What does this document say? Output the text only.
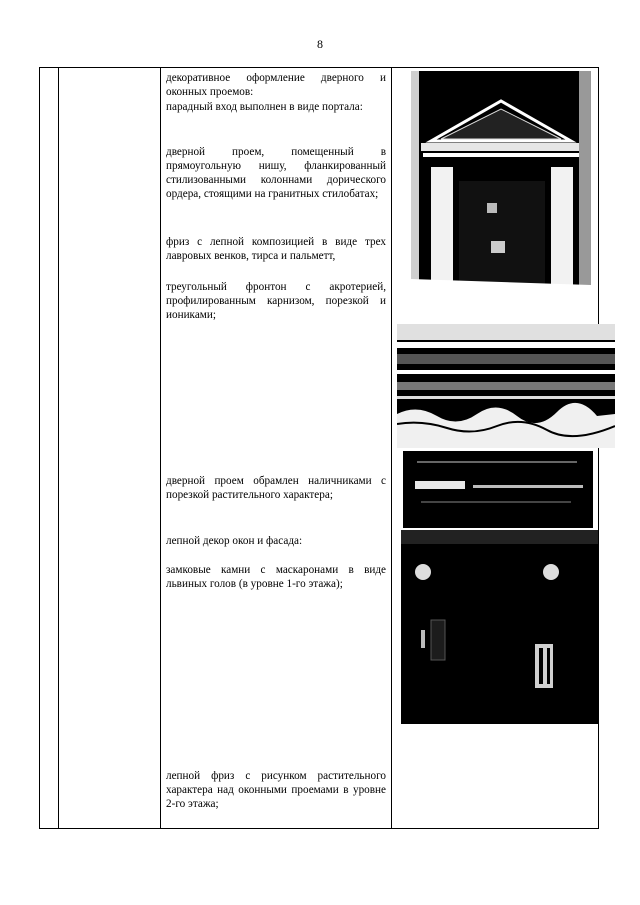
8

декоративное оформление дверного и оконных проемов:

парадный вход выполнен в виде портала:

дверной проем, помещенный в прямоугольную нишу, фланкированный стилизованными колоннами дорического ордера, стоящими на гранитных стилобатах;

фриз с лепной композицией в виде трех лавровых венков, тирса и пальметт,

треугольный фронтон с акротерией, профилированным карнизом, порезкой и иониками;

дверной проем обрамлен наличниками с порезкой растительного характера;

лепной декор окон и фасада:

замковые камни с маскаронами в виде львиных голов (в уровне 1-го этажа);

лепной фриз с рисунком растительного характера над оконными проемами в уровне 2-го этажа;
